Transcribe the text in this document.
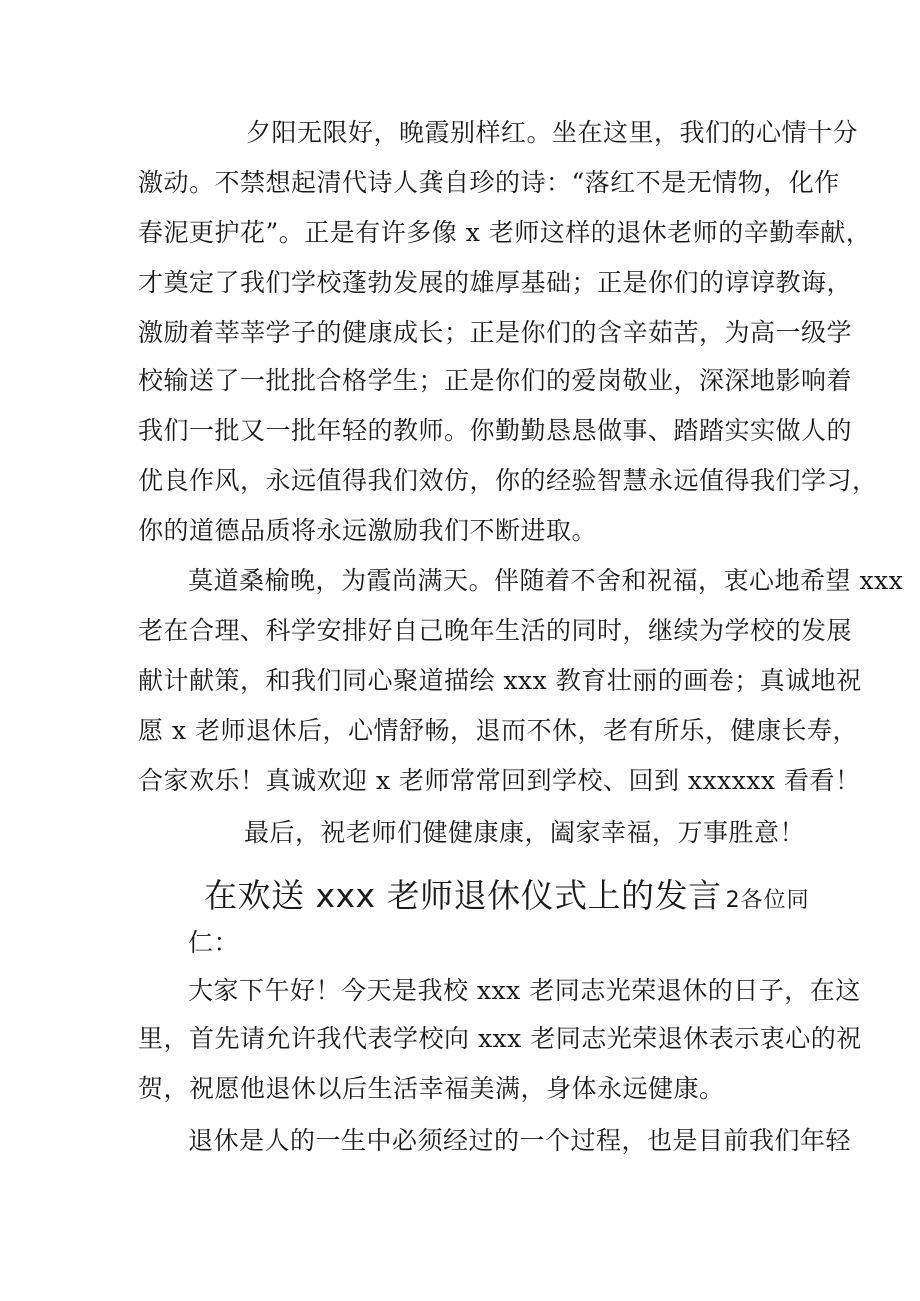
夕阳无限好，晚霞别样红。坐在这里，我们的心情十分
激动。不禁想起清代诗人龚自珍的诗：“落红不是无情物，化作
春泥更护花”。正是有许多像 x 老师这样的退休老师的辛勤奉献，
才奠定了我们学校蓬勃发展的雄厚基础；正是你们的谆谆教诲，
激励着莘莘学子的健康成长；正是你们的含辛茹苦，为高一级学
校输送了一批批合格学生；正是你们的爱岗敬业，深深地影响着
我们一批又一批年轻的教师。你勤勤恳恳做事、踏踏实实做人的
优良作风，永远值得我们效仿，你的经验智慧永远值得我们学习，
你的道德品质将永远激励我们不断进取。
莫道桑榆晚，为霞尚满天。伴随着不舍和祝福，衷心地希望 xxx
老在合理、科学安排好自己晚年生活的同时，继续为学校的发展
献计献策，和我们同心聚道描绘 xxx 教育壮丽的画卷；真诚地祝
愿 x 老师退休后，心情舒畅，退而不休，老有所乐，健康长寿，
合家欢乐！真诚欢迎 x 老师常常回到学校、回到 xxxxxx 看看！
最后，祝老师们健健康康，阖家幸福，万事胜意！
在欢送 xxx 老师退休仪式上的发言 2各位同
仁：
大家下午好！今天是我校 xxx 老同志光荣退休的日子，在这
里，首先请允许我代表学校向 xxx 老同志光荣退休表示衷心的祝
贺，祝愿他退休以后生活幸福美满，身体永远健康。
退休是人的一生中必须经过的一个过程，也是目前我们年轻
